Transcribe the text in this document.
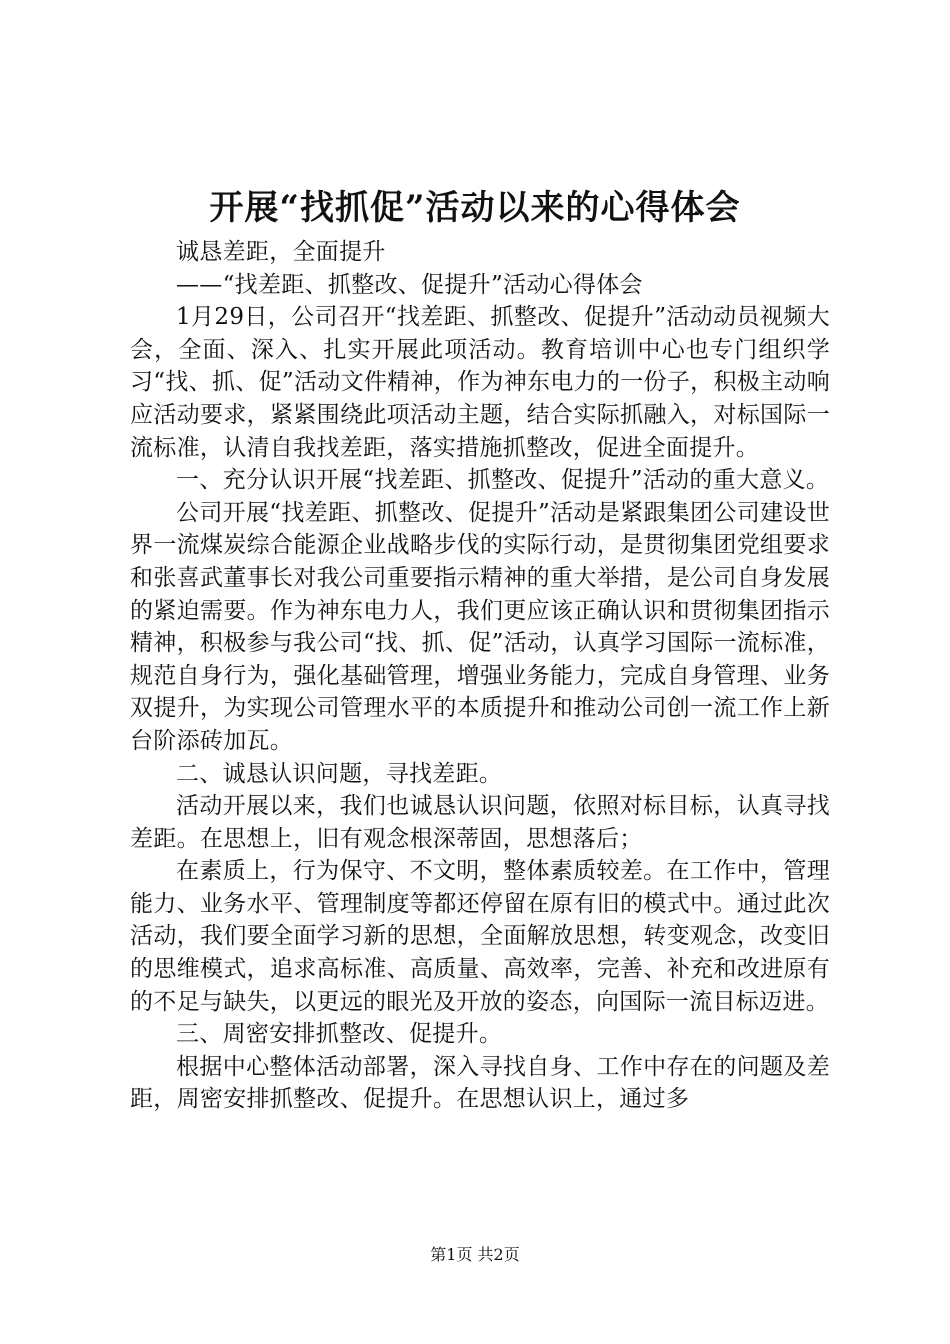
开展“找抓促”活动以来的心得体会

诚恳差距，全面提升

——“找差距、抓整改、促提升”活动心得体会

1月29日，公司召开“找差距、抓整改、促提升”活动动员视频大会，全面、深入、扎实开展此项活动。教育培训中心也专门组织学习“找、抓、促”活动文件精神，作为神东电力的一份子，积极主动响应活动要求，紧紧围绕此项活动主题，结合实际抓融入，对标国际一流标准，认清自我找差距，落实措施抓整改，促进全面提升。

一、充分认识开展“找差距、抓整改、促提升”活动的重大意义。

公司开展“找差距、抓整改、促提升”活动是紧跟集团公司建设世界一流煤炭综合能源企业战略步伐的实际行动，是贯彻集团党组要求和张喜武董事长对我公司重要指示精神的重大举措，是公司自身发展的紧迫需要。作为神东电力人，我们更应该正确认识和贯彻集团指示精神，积极参与我公司“找、抓、促”活动，认真学习国际一流标准，规范自身行为，强化基础管理，增强业务能力，完成自身管理、业务双提升，为实现公司管理水平的本质提升和推动公司创一流工作上新台阶添砖加瓦。

二、诚恳认识问题，寻找差距。

活动开展以来，我们也诚恳认识问题，依照对标目标，认真寻找差距。在思想上，旧有观念根深蒂固，思想落后；

在素质上，行为保守、不文明，整体素质较差。在工作中，管理能力、业务水平、管理制度等都还停留在原有旧的模式中。通过此次活动，我们要全面学习新的思想，全面解放思想，转变观念，改变旧的思维模式，追求高标准、高质量、高效率，完善、补充和改进原有的不足与缺失，以更远的眼光及开放的姿态，向国际一流目标迈进。

三、周密安排抓整改、促提升。

根据中心整体活动部署，深入寻找自身、工作中存在的问题及差距，周密安排抓整改、促提升。在思想认识上，通过多

第1页 共2页
